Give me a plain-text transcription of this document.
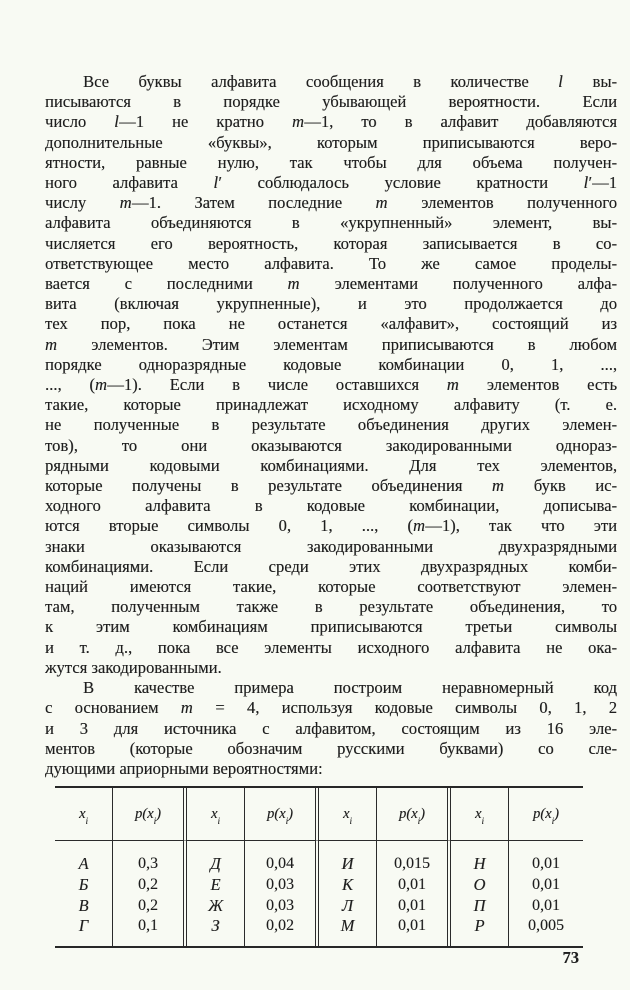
Все буквы алфавита сообщения в количестве l вы-
писываются в порядке убывающей вероятности. Если
число l—1 не кратно m—1, то в алфавит добавляются
дополнительные «буквы», которым приписываются веро-
ятности, равные нулю, так чтобы для объема получен-
ного алфавита l′ соблюдалось условие кратности l′—1
числу m—1. Затем последние m элементов полученного
алфавита объединяются в «укрупненный» элемент, вы-
числяется его вероятность, которая записывается в со-
ответствующее место алфавита. То же самое проделы-
вается с последними m элементами полученного алфа-
вита (включая укрупненные), и это продолжается до
тех пор, пока не останется «алфавит», состоящий из
m элементов. Этим элементам приписываются в любом
порядке одноразрядные кодовые комбинации 0, 1, ...,
..., (m—1). Если в числе оставшихся m элементов есть
такие, которые принадлежат исходному алфавиту (т. е.
не полученные в результате объединения других элемен-
тов), то они оказываются закодированными однораз-
рядными кодовыми комбинациями. Для тех элементов,
которые получены в результате объединения m букв ис-
ходного алфавита в кодовые комбинации, дописыва-
ются вторые символы 0, 1, ..., (m—1), так что эти
знаки оказываются закодированными двухразрядными
комбинациями. Если среди этих двухразрядных комби-
наций имеются такие, которые соответствуют элемен-
там, полученным также в результате объединения, то
к этим комбинациям приписываются третьи символы
и т. д., пока все элементы исходного алфавита не ока-
жутся закодированными.
В качестве примера построим неравномерный код
с основанием m = 4, используя кодовые символы 0, 1, 2
и 3 для источника с алфавитом, состоящим из 16 эле-
ментов (которые обозначим русскими буквами) со сле-
дующими априорными вероятностями:
$x_i$	p ( $x_i$ )	$x_i$	p ( $x_i$ )	$x_i$	p ( $x_i$ )	$x_i$	p ( $x_i$ )
А	0,3	Д	0,04	И	0,015	Н	0,01
Б	0,2	Е	0,03	К	0,01	О	0,01
В	0,2	Ж	0,03	Л	0,01	П	0,01
Г	0,1	З	0,02	М	0,01	Р	0,005
73
